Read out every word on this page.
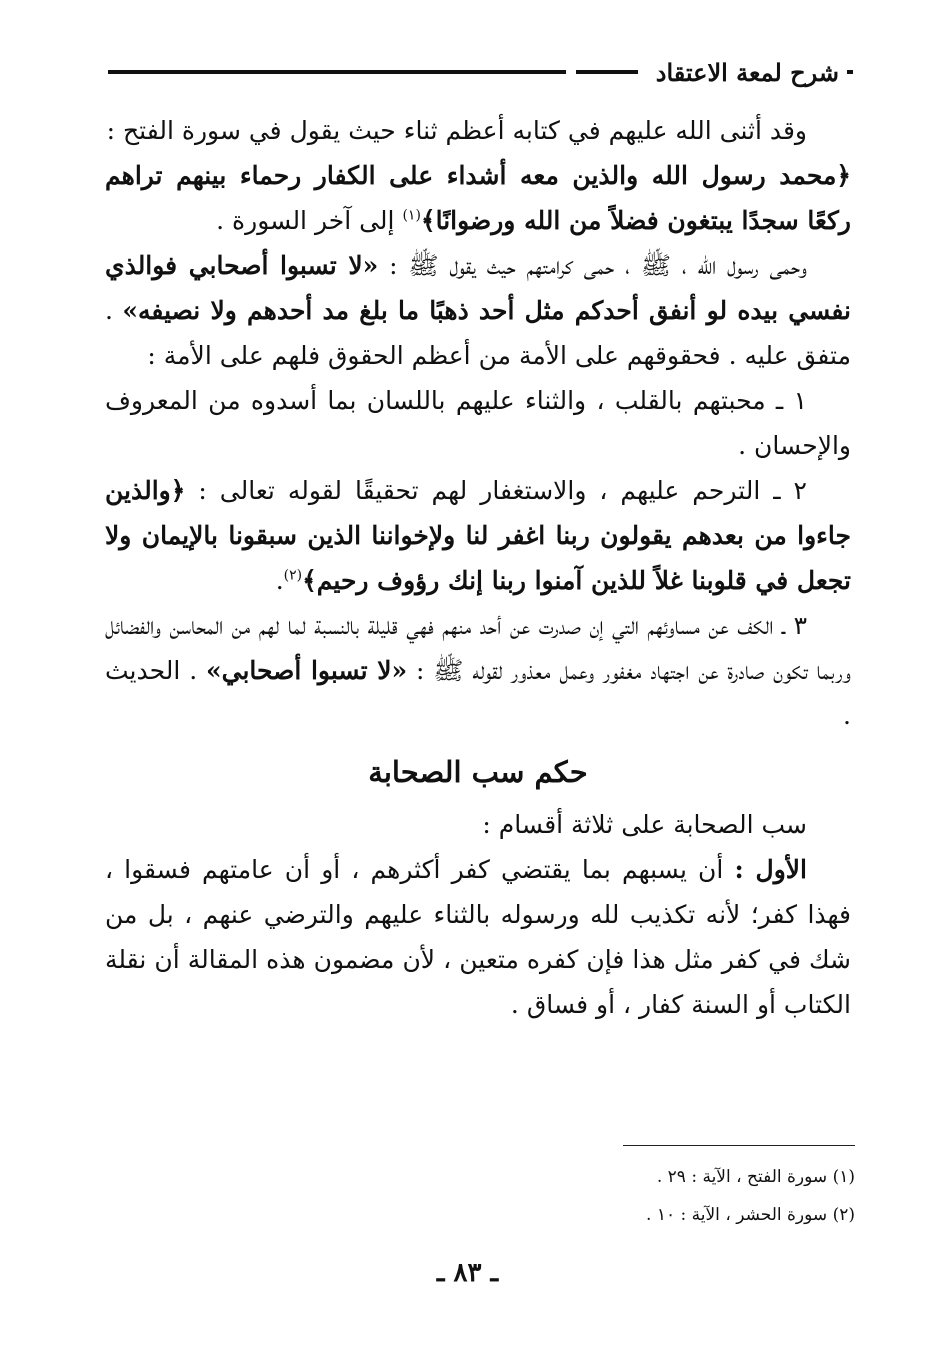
شرح لمعة الاعتقاد

وقد أثنى الله عليهم في كتابه أعظم ثناء حيث يقول في سورة الفتح :

﴿محمد رسول الله والذين معه أشداء على الكفار رحماء بينهم تراهم ركعًا سجدًا يبتغون فضلاً من الله ورضوانًا﴾$^{(١)}$ إلى آخر السورة .

وحمى رسول الله ، ﷺ ، حمى كرامتهم حيث يقول ﷺ : «لا تسبوا أصحابي فوالذي نفسي بيده لو أنفق أحدكم مثل أحد ذهبًا ما بلغ مد أحدهم ولا نصيفه» . متفق عليه . فحقوقهم على الأمة من أعظم الحقوق فلهم على الأمة :

١ ـ محبتهم بالقلب ، والثناء عليهم باللسان بما أسدوه من المعروف والإحسان .

٢ ـ الترحم عليهم ، والاستغفار لهم تحقيقًا لقوله تعالى : ﴿والذين جاءوا من بعدهم يقولون ربنا اغفر لنا ولإخواننا الذين سبقونا بالإيمان ولا تجعل في قلوبنا غلاً للذين آمنوا ربنا إنك رؤوف رحيم﴾$^{(٢)}$.

٣ ـ الكف عن مساوئهم التي إن صدرت عن أحد منهم فهي قليلة بالنسبة لما لهم من المحاسن والفضائل وربما تكون صادرة عن اجتهاد مغفور وعمل معذور لقوله ﷺ : «لا تسبوا أصحابي» . الحديث .

حكم سب الصحابة

سب الصحابة على ثلاثة أقسام :

الأول : أن يسبهم بما يقتضي كفر أكثرهم ، أو أن عامتهم فسقوا ، فهذا كفر؛ لأنه تكذيب لله ورسوله بالثناء عليهم والترضي عنهم ، بل من شك في كفر مثل هذا فإن كفره متعين ، لأن مضمون هذه المقالة أن نقلة الكتاب أو السنة كفار ، أو فساق .

(١) سورة الفتح ، الآية : ٢٩ .
(٢) سورة الحشر ، الآية : ١٠ .
ـ ٨٣ ـ
